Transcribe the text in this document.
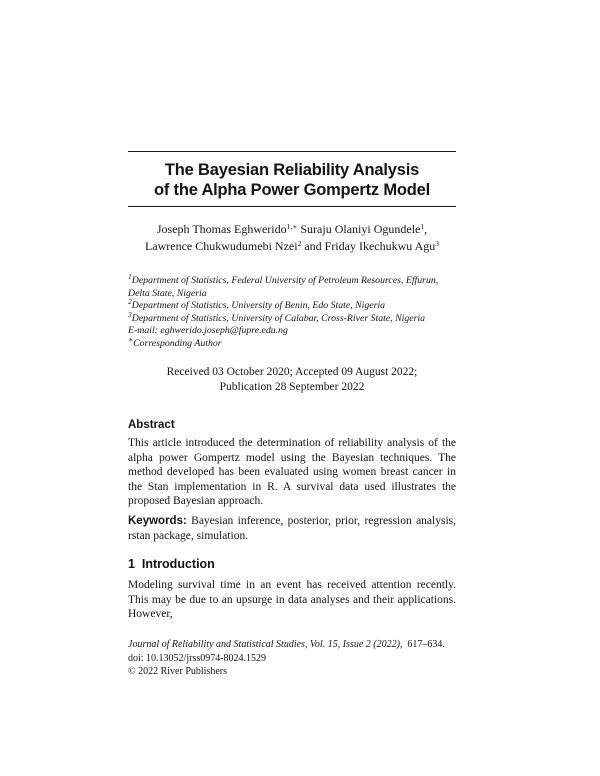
The Bayesian Reliability Analysis
of the Alpha Power Gompertz Model
Joseph Thomas Eghwerido$^{1,∗}$ Suraju Olaniyi Ogundele$^1$,
Lawrence Chukwudumebi Nzei$^2$ and Friday Ikechukwu Agu$^3$
$^1$Department of Statistics, Federal University of Petroleum Resources, Effurun,
Delta State, Nigeria
$^2$Department of Statistics, University of Benin, Edo State, Nigeria
$^3$Department of Statistics, University of Calabar, Cross-River State, Nigeria
E-mail: eghwerido.joseph@fupre.edu.ng
∗Corresponding Author
Received 03 October 2020; Accepted 09 August 2022;
Publication 28 September 2022
Abstract
This article introduced the determination of reliability analysis of the alpha power Gompertz model using the Bayesian techniques. The method developed has been evaluated using women breast cancer in the Stan implementation in R. A survival data used illustrates the proposed Bayesian approach.
Keywords: Bayesian inference, posterior, prior, regression analysis, rstan package, simulation.
1 Introduction
Modeling survival time in an event has received attention recently. This may be due to an upsurge in data analyses and their applications. However,
Journal of Reliability and Statistical Studies, Vol. 15, Issue 2 (2022), 617–634.
doi: 10.13052/jrss0974-8024.1529
© 2022 River Publishers
